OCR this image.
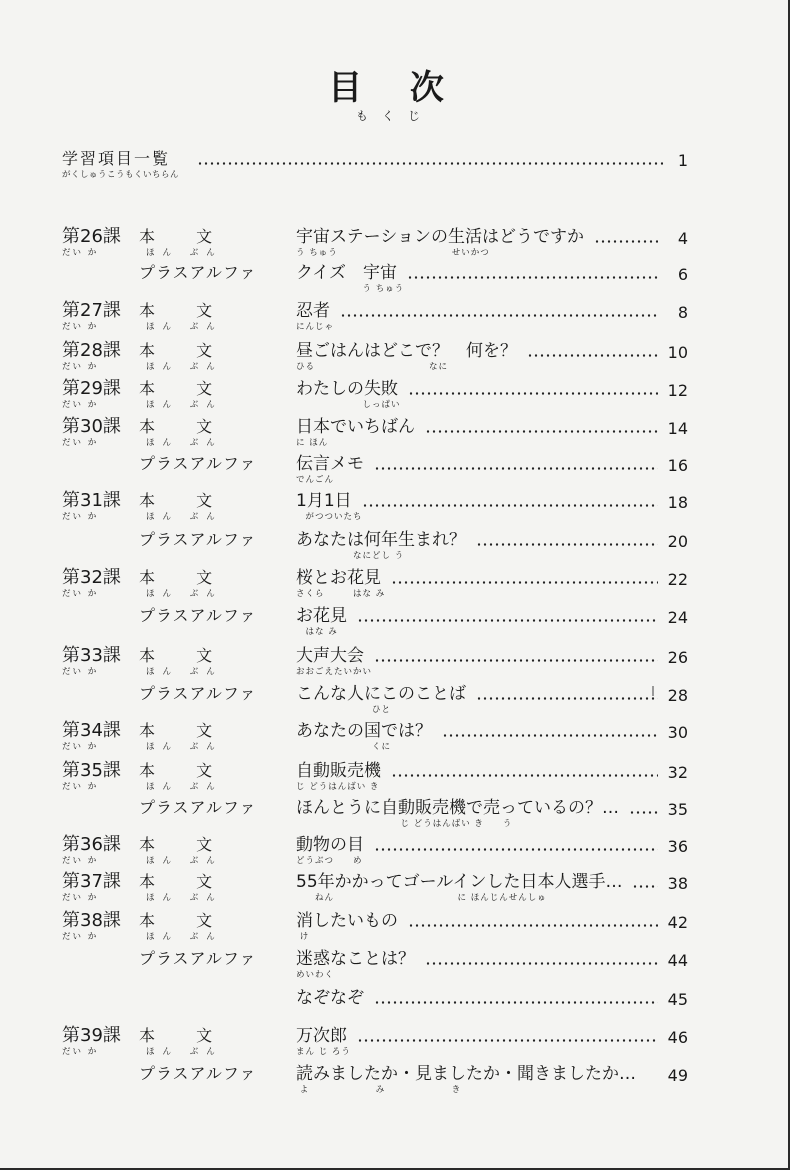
目 次
もくじ
学習項目一覧
がくしゅうこうもくいちらん
1
第26課
だい か
本 文
ほん ぶん
宇宙ステーションの生活はどうですか
う ちゅう　　　　　　　　　　　　せいかつ
4
プラスアルファ クイズ　宇宙
　　　　　　　う ちゅう
6
第27課
だい か
本 文
ほん ぶん
忍者
にんじゃ
8
第28課
だい か
本 文
ほん ぶん
昼ごはんはどこで？　何を？
ひる　　　　　　　　　　　　なに
10
第29課
だい か
本 文
ほん ぶん
わたしの失敗
　　　　　　　しっぱい
12
第30課
だい か
本 文
ほん ぶん
日本でいちばん
に ほん
14
プラスアルファ 伝言メモ
でんごん
16
第31課
だい か
本 文
ほん ぶん
1月1日
　がつついたち
18
プラスアルファ あなたは何年生まれ？
　　　　　　なにどし う
20
第32課
だい か
本 文
ほん ぶん
桜とお花見
さくら　　　はな み
22
プラスアルファ お花見
　はな み
24
第33課
だい か
本 文
ほん ぶん
大声大会
おおごえたいかい
26
プラスアルファ こんな人にこのことば
　　　　　　　　ひと
28
第34課
だい か
本 文
ほん ぶん
あなたの国では？
　　　　　　　　くに
30
第35課
だい か
本 文
ほん ぶん
自動販売機
じ どうはんばい き
32
プラスアルファ ほんとうに自動販売機で売っているの？…
　　　　　　　　　　　じ どうはんばい き　　う
35
第36課
だい か
本 文
ほん ぶん
動物の目
どうぶつ　　め
36
第37課
だい か
本 文
ほん ぶん
55年かかってゴールインした日本人選手…
　　ねん　　　　　　　　　　　　　に ほんじんせんしゅ
38
第38課
だい か
本 文
ほん ぶん
消したいもの
け
42
プラスアルファ 迷惑なことは？
めいわく
44
なぞなぞ	45
第39課
だい か
本 文
ほん ぶん
万次郎
まん じ ろう
46
プラスアルファ 読みましたか・見ましたか・聞きましたか…
よ　　　　　　　み　　　　　　　き
49
